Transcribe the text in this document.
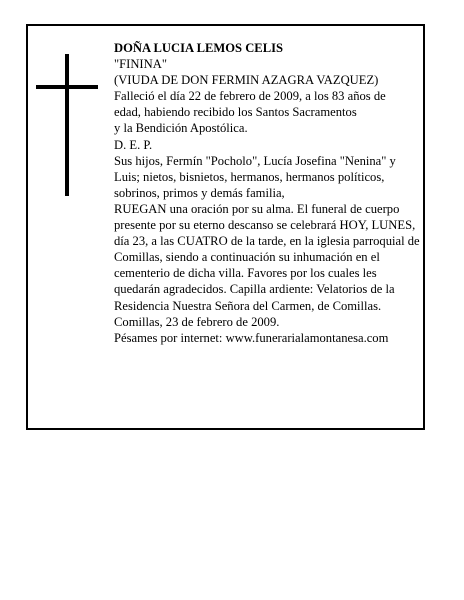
DOÑA LUCIA LEMOS CELIS

"FININA"

(VIUDA DE DON FERMIN AZAGRA VAZQUEZ)

Falleció el día 22 de febrero de 2009, a los 83 años de

edad, habiendo recibido los Santos Sacramentos

y la Bendición Apostólica.

D. E. P.

Sus hijos, Fermín "Pocholo", Lucía Josefina "Nenina" y Luis; nietos, bisnietos, hermanos, hermanos políticos, sobrinos, primos y demás familia,

RUEGAN una oración por su alma. El funeral de cuerpo presente por su eterno descanso se celebrará HOY, LUNES, día 23, a las CUATRO de la tarde, en la iglesia parroquial de Comillas, siendo a continuación su inhumación en el cementerio de dicha villa. Favores por los cuales les quedarán agradecidos. Capilla ardiente: Velatorios de la Residencia Nuestra Señora del Carmen, de Comillas.

Comillas, 23 de febrero de 2009.

Pésames por internet: www.funerarialamontanesa.com
